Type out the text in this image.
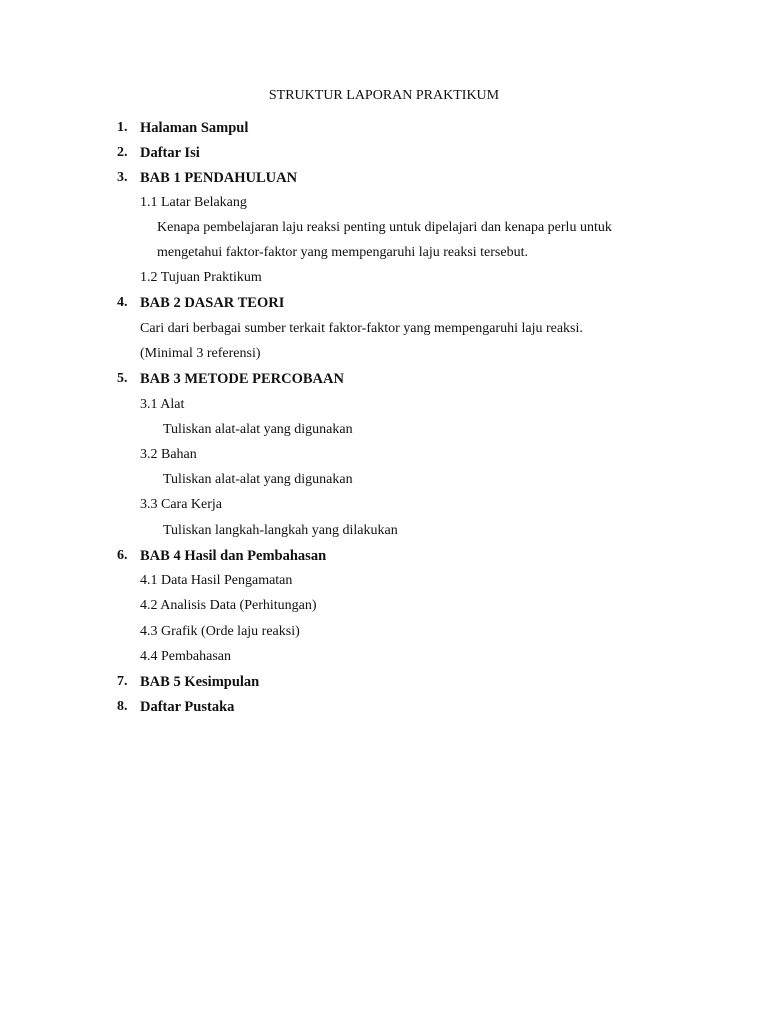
STRUKTUR LAPORAN PRAKTIKUM
1. Halaman Sampul
2. Daftar Isi
3. BAB 1 PENDAHULUAN
1.1 Latar Belakang
Kenapa pembelajaran laju reaksi penting untuk dipelajari dan kenapa perlu untuk
mengetahui faktor-faktor yang mempengaruhi laju reaksi tersebut.
1.2 Tujuan Praktikum
4. BAB 2 DASAR TEORI
Cari dari berbagai sumber terkait faktor-faktor yang mempengaruhi laju reaksi.
(Minimal 3 referensi)
5. BAB 3 METODE PERCOBAAN
3.1 Alat
Tuliskan alat-alat yang digunakan
3.2 Bahan
Tuliskan alat-alat yang digunakan
3.3 Cara Kerja
Tuliskan langkah-langkah yang dilakukan
6. BAB 4 Hasil dan Pembahasan
4.1 Data Hasil Pengamatan
4.2 Analisis Data (Perhitungan)
4.3 Grafik (Orde laju reaksi)
4.4 Pembahasan
7. BAB 5 Kesimpulan
8. Daftar Pustaka
